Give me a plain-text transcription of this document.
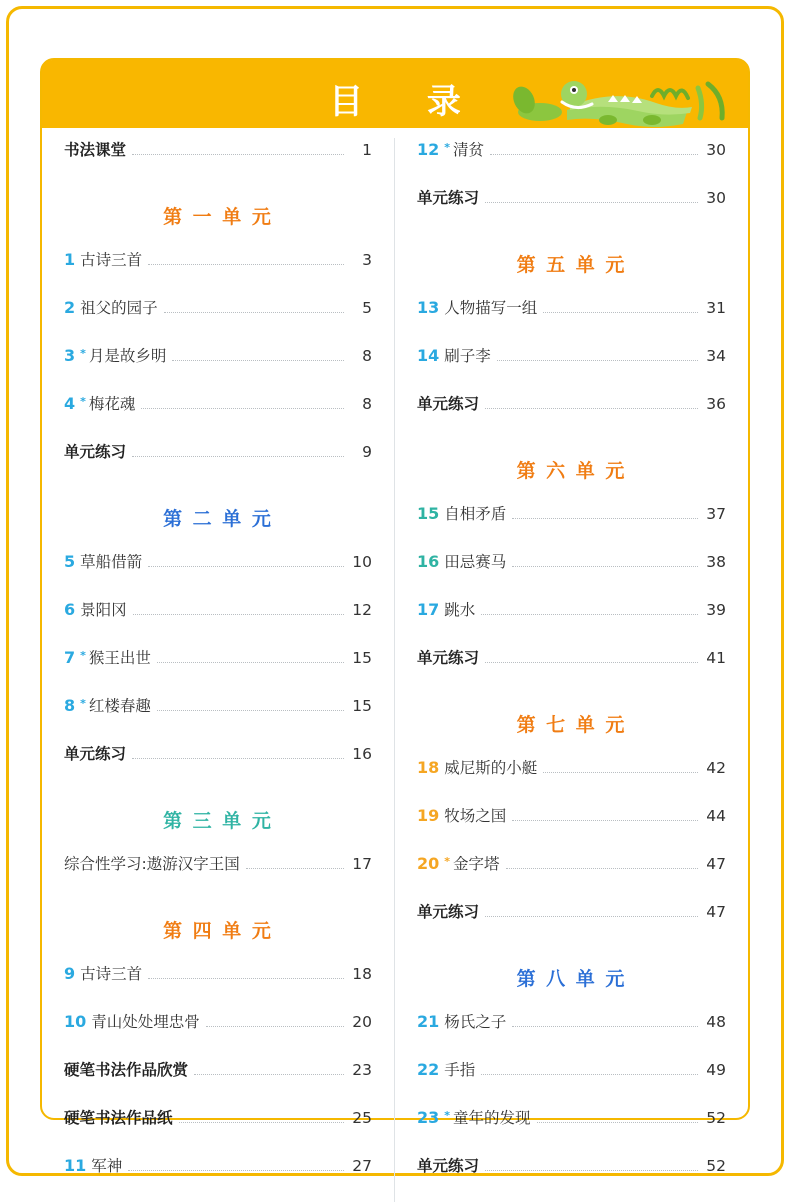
目 录
书法课堂	1
第 一 单 元
1 古诗三首	3
2 祖父的园子	5
3 * 月是故乡明	8
4 * 梅花魂	8
单元练习	9
第 二 单 元
5 草船借箭	10
6 景阳冈	12
7 * 猴王出世	15
8 * 红楼春趣	15
单元练习	16
第 三 单 元
综合性学习:遨游汉字王国	17
第 四 单 元
9 古诗三首	18
10 青山处处埋忠骨	20
硬笔书法作品欣赏	23
硬笔书法作品纸	25
11 军神	27
12 * 清贫	30
单元练习	30
第 五 单 元
13 人物描写一组	31
14 刷子李	34
单元练习	36
第 六 单 元
15 自相矛盾	37
16 田忌赛马	38
17 跳水	39
单元练习	41
第 七 单 元
18 威尼斯的小艇	42
19 牧场之国	44
20 * 金字塔	47
单元练习	47
第 八 单 元
21 杨氏之子	48
22 手指	49
23 * 童年的发现	52
单元练习	52
